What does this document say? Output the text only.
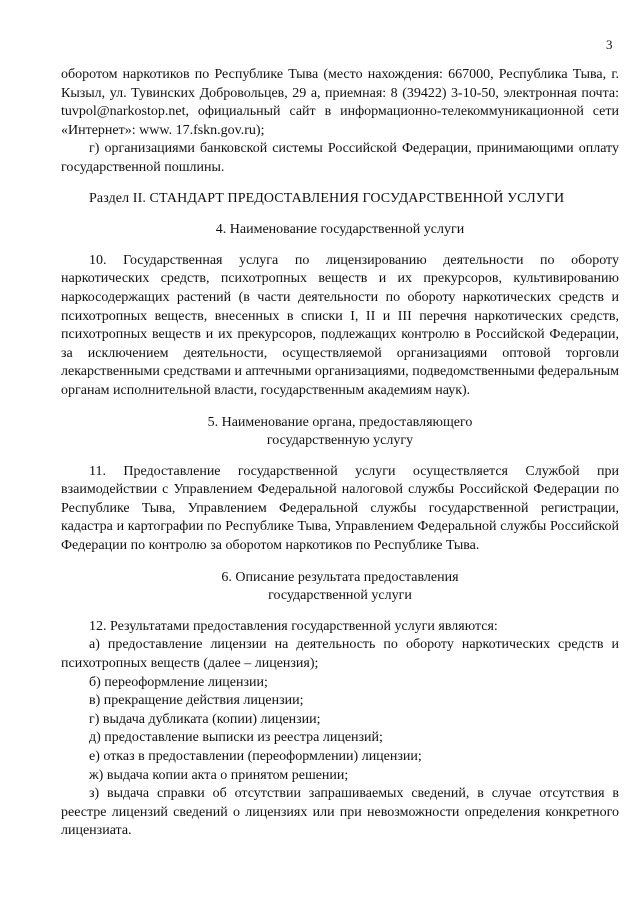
3

оборотом наркотиков по Республике Тыва (место нахождения: 667000, Республика Тыва, г. Кызыл, ул. Тувинских Добровольцев, 29 а, приемная: 8 (39422) 3-10-50, электронная почта: tuvpol@narkostop.net, официальный сайт в информационно-телекоммуникационной сети «Интернет»: www. 17.fskn.gov.ru);

г) организациями банковской системы Российской Федерации, принимающими оплату государственной пошлины.

Раздел II. СТАНДАРТ ПРЕДОСТАВЛЕНИЯ ГОСУДАРСТВЕННОЙ УСЛУГИ

4. Наименование государственной услуги

10. Государственная услуга по лицензированию деятельности по обороту наркотических средств, психотропных веществ и их прекурсоров, культивированию наркосодержащих растений (в части деятельности по обороту наркотических средств и психотропных веществ, внесенных в списки I, II и III перечня наркотических средств, психотропных веществ и их прекурсоров, подлежащих контролю в Российской Федерации, за исключением деятельности, осуществляемой организациями оптовой торговли лекарственными средствами и аптечными организациями, подведомственными федеральным органам исполнительной власти, государственным академиям наук).

5. Наименование органа, предоставляющего
государственную услугу

11. Предоставление государственной услуги осуществляется Службой при взаимодействии с Управлением Федеральной налоговой службы Российской Федерации по Республике Тыва, Управлением Федеральной службы государственной регистрации, кадастра и картографии по Республике Тыва, Управлением Федеральной службы Российской Федерации по контролю за оборотом наркотиков по Республике Тыва.

6. Описание результата предоставления
государственной услуги

12. Результатами предоставления государственной услуги являются:

а) предоставление лицензии на деятельность по обороту наркотических средств и психотропных веществ (далее – лицензия);

б) переоформление лицензии;

в) прекращение действия лицензии;

г) выдача дубликата (копии) лицензии;

д) предоставление выписки из реестра лицензий;

е) отказ в предоставлении (переоформлении) лицензии;

ж) выдача копии акта о принятом решении;

з) выдача справки об отсутствии запрашиваемых сведений, в случае отсутствия в реестре лицензий сведений о лицензиях или при невозможности определения конкретного лицензиата.
